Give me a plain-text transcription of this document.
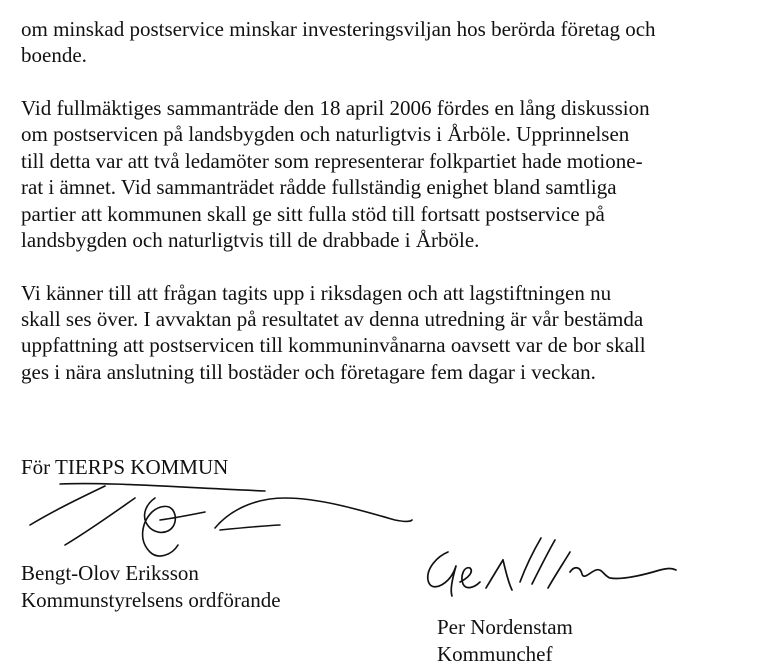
om minskad postservice minskar investeringsviljan hos berörda företag och
boende.
Vid fullmäktiges sammanträde den 18 april 2006 fördes en lång diskussion
om postservicen på landsbygden och naturligtvis i Årböle. Upprinnelsen
till detta var att två ledamöter som representerar folkpartiet hade motione-
rat i ämnet. Vid sammanträdet rådde fullständig enighet bland samtliga
partier att kommunen skall ge sitt fulla stöd till fortsatt postservice på
landsbygden och naturligtvis till de drabbade i Årböle.
Vi känner till att frågan tagits upp i riksdagen och att lagstiftningen nu
skall ses över. I avvaktan på resultatet av denna utredning är vår bestämda
uppfattning att postservicen till kommuninvånarna oavsett var de bor skall
ges i nära anslutning till bostäder och företagare fem dagar i veckan.
För TIERPS KOMMUN
Bengt-Olov Eriksson
Kommunstyrelsens ordförande
Per Nordenstam
Kommunchef
